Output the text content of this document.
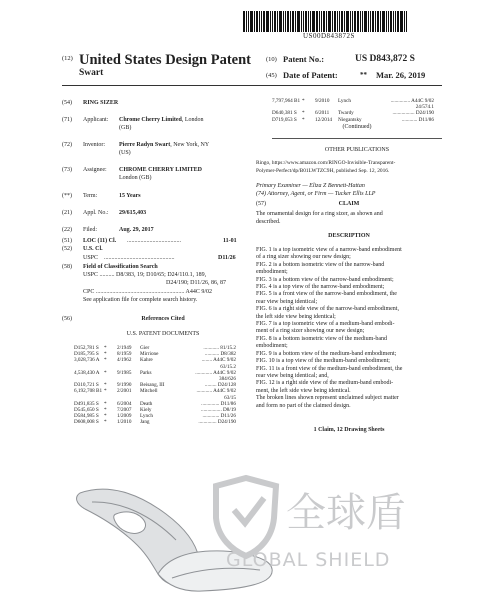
US00D843872S
(12) United States Design Patent
Swart
(10) Patent No.:	US D843,872 S
(45) Date of Patent:	** Mar. 26, 2019
(54) RING SIZER
(71) Applicant: Chrome Cherry Limited, London
(GB)
(72) Inventor: Pierre Radyn Swart, New York, NY
(US)
(73) Assignee: CHROME CHERRY LIMITED
London (GB)
(**) Term:	15 Years
(21) Appl. No.: 29/615,403
(22) Filed:	Aug. 29, 2017
(51) LOC (11) Cl. ....................................	11-01
(52) U.S. Cl.
USPC ...............................................	D11/26
(58) Field of Classification Search
USPC .......... D8/383, 19; D10/65; D24/110.1, 189,
D24/190; D11/26, 86, 87
CPC ........................................................... A44C 9/02
See application file for complete search history.
(56)	References Cited
U.S. PATENT DOCUMENTS
D152,781 S	*	2/1949	Gier	............ 81/15.2
D185,795 S	*	8/1959	Mirrione	........... D8/382
3,028,736 A *	4/1962	Kahre	........ A44C 9/02
63/15.2
4,538,430 A *	9/1985	Parks	............. A44C 9/02
384/626
D310,721 S	*	9/1990	Beisang, III	......... D24/128
6,192,708 B1 *	2/2001	Mitchell	............ A44C 9/02
63/15
D491,835 S	*	6/2004	Death	.............. D11/86
D545,650 S	*	7/2007	Kiely	................ D8/19
D584,985 S	*	1/2009	Lynch	............. D11/26
D608,008 S	*	1/2010	Jang	.............. D24/190
7,797,964 B1 *	9/2010	Lynch	............... A44C 9/02
24/574.1
D640,381 S	*	6/2011	Twardy	................. D24/190
D719,053 S	*	12/2014	Niegantsky	............ D11/86
(Continued)
OTHER PUBLICATIONS
Ringo, https://www.amazon.com/RINGO-Invisible-Transparent-
Polymer-Perfect/dp/B01LWTZC9H, published Sep. 12, 2016.
Primary Examiner — Eliza Z Bennett-Hattan
(74) Attorney, Agent, or Firm — Tucker Ellis LLP
(57)	CLAIM
The ornamental design for a ring sizer, as shown and
described.
DESCRIPTION
FIG. 1 is a top isometric view of a narrow-band embodiment
of a ring sizer showing our new design;
FIG. 2 is a bottom isometric view of the narrow-band
embodiment;
FIG. 3 is a bottom view of the narrow-band embodiment;
FIG. 4 is a top view of the narrow-band embodiment;
FIG. 5 is a front view of the narrow-band embodiment, the
rear view being identical;
FIG. 6 is a right side view of the narrow-band embodiment,
the left side view being identical;
FIG. 7 is a top isometric view of a medium-band embodi-
ment of a ring sizer showing our new design;
FIG. 8 is a bottom isometric view of the medium-band
embodiment;
FIG. 9 is a bottom view of the medium-band embodiment;
FIG. 10 is a top view of the medium-band embodiment;
FIG. 11 is a front view of the medium-band embodiment, the
rear view being identical; and,
FIG. 12 is a right side view of the medium-band embodi-
ment, the left side view being identical.
The broken lines shown represent unclaimed subject matter
and form no part of the claimed design.
1 Claim, 12 Drawing Sheets
全球盾
GLOBAL SHIELD
